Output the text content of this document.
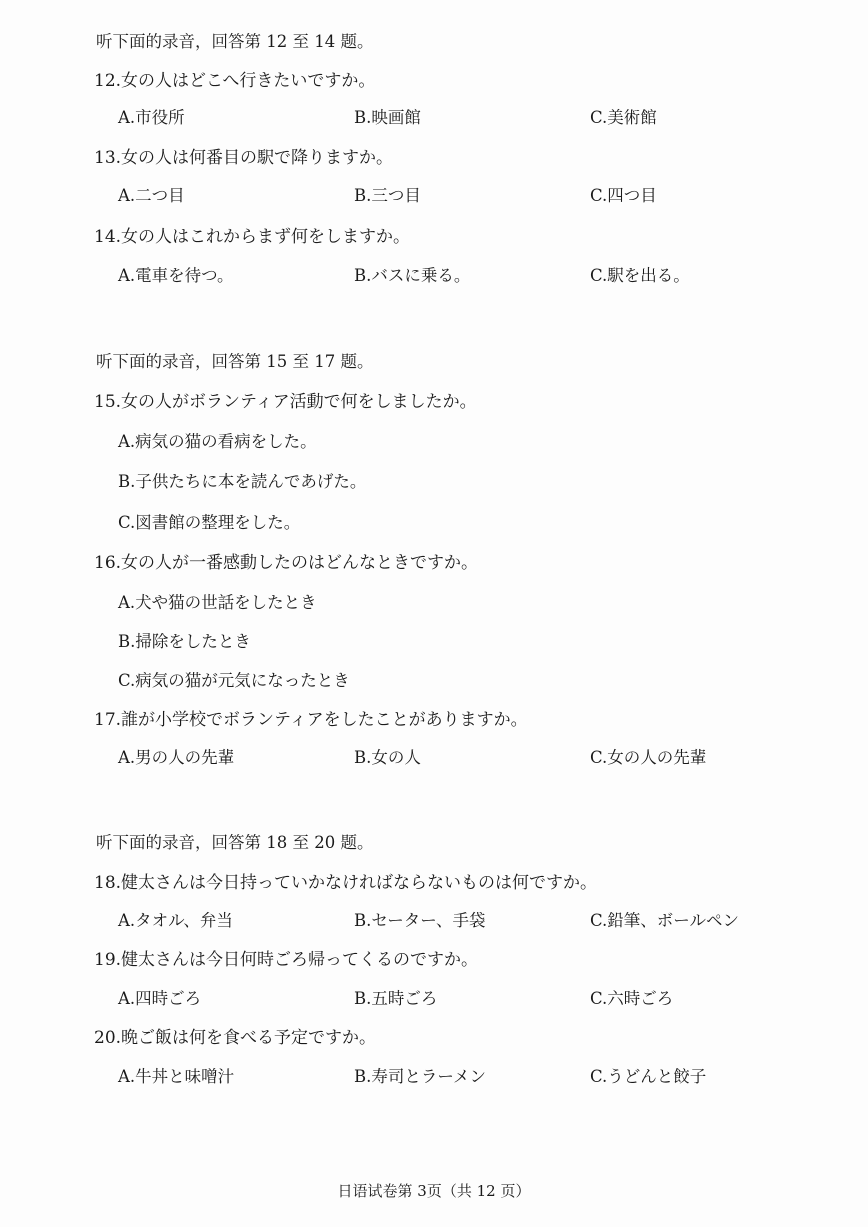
听下面的录音，回答第 12 至 14 题。
12.女の人はどこへ行きたいですか。
A.市役所	B.映画館	C.美術館
13.女の人は何番目の駅で降りますか。
A.二つ目	B.三つ目	C.四つ目
14.女の人はこれからまず何をしますか。
A.電車を待つ。	B.バスに乗る。	C.駅を出る。
听下面的录音，回答第 15 至 17 题。
15.女の人がボランティア活動で何をしましたか。
A.病気の猫の看病をした。
B.子供たちに本を読んであげた。
C.図書館の整理をした。
16.女の人が一番感動したのはどんなときですか。
A.犬や猫の世話をしたとき
B.掃除をしたとき
C.病気の猫が元気になったとき
17.誰が小学校でボランティアをしたことがありますか。
A.男の人の先輩	B.女の人	C.女の人の先輩
听下面的录音，回答第 18 至 20 题。
18.健太さんは今日持っていかなければならないものは何ですか。
A.タオル、弁当	B.セーター、手袋	C.鉛筆、ボールペン
19.健太さんは今日何時ごろ帰ってくるのですか。
A.四時ごろ	B.五時ごろ	C.六時ごろ
20.晩ご飯は何を食べる予定ですか。
A.牛丼と味噌汁	B.寿司とラーメン	C.うどんと餃子
日语试卷第 3页（共 12 页）
